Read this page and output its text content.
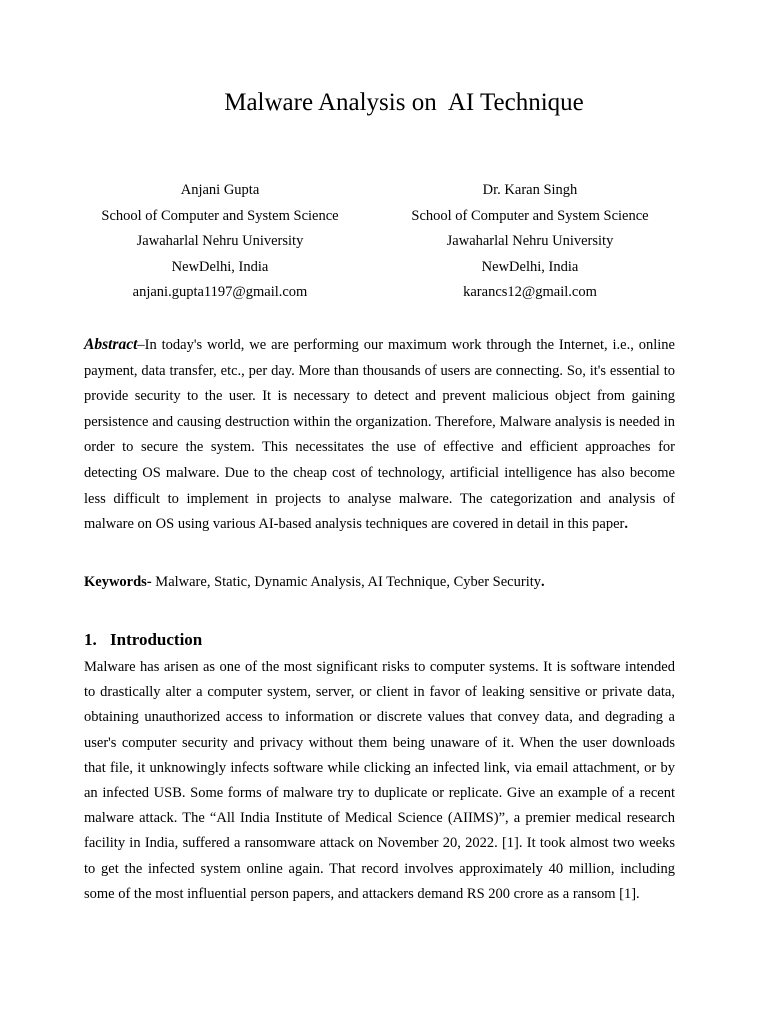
Malware Analysis on  AI Technique
Anjani Gupta
School of Computer and System Science
Jawaharlal Nehru University
NewDelhi, India
anjani.gupta1197@gmail.com
Dr. Karan Singh
School of Computer and System Science
Jawaharlal Nehru University
NewDelhi, India
karancs12@gmail.com
Abstract–In today's world, we are performing our maximum work through the Internet, i.e., online payment, data transfer, etc., per day. More than thousands of users are connecting. So, it's essential to provide security to the user. It is necessary to detect and prevent malicious object from gaining persistence and causing destruction within the organization. Therefore, Malware analysis is needed in order to secure the system. This necessitates the use of effective and efficient approaches for detecting OS malware. Due to the cheap cost of technology, artificial intelligence has also become less difficult to implement in projects to analyse malware. The categorization and analysis of malware on OS using various AI-based analysis techniques are covered in detail in this paper.
Keywords- Malware, Static, Dynamic Analysis, AI Technique, Cyber Security.
1. Introduction
Malware has arisen as one of the most significant risks to computer systems. It is software intended to drastically alter a computer system, server, or client in favor of leaking sensitive or private data, obtaining unauthorized access to information or discrete values that convey data, and degrading a user's computer security and privacy without them being unaware of it. When the user downloads that file, it unknowingly infects software while clicking an infected link, via email attachment, or by an infected USB. Some forms of malware try to duplicate or replicate. Give an example of a recent malware attack. The “All India Institute of Medical Science (AIIMS)”, a premier medical research facility in India, suffered a ransomware attack on November 20, 2022. [1]. It took almost two weeks to get the infected system online again. That record involves approximately 40 million, including some of the most influential person papers, and attackers demand RS 200 crore as a ransom [1].
